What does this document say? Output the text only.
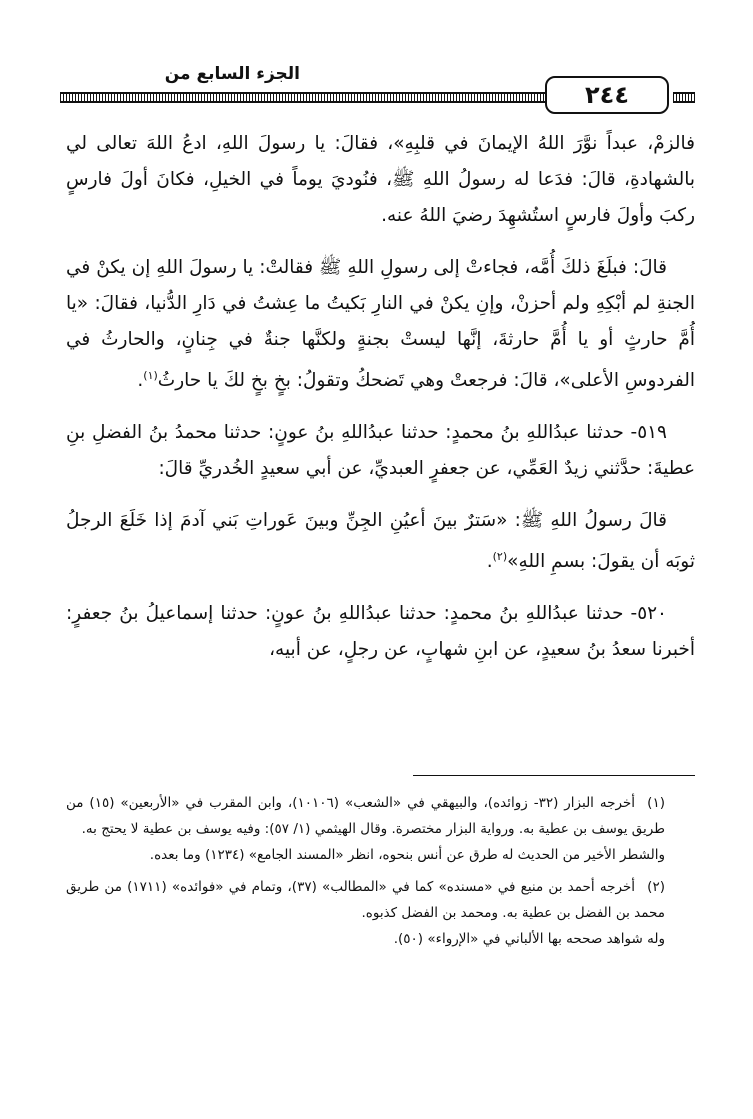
٢٤٤
الجزء السابع من

فالزمْ، عبداً نوَّرَ اللهُ الإيمانَ في قلبِهِ»، فقالَ: يا رسولَ اللهِ، ادعُ اللهَ تعالى لي بالشهادةِ، قالَ: فدَعا له رسولُ اللهِ ﷺ، فنُوديَ يوماً في الخيلِ، فكانَ أولَ فارسٍ ركبَ وأولَ فارسٍ استُشهِدَ رضيَ اللهُ عنه.

قالَ: فبلَغَ ذلكَ أُمَّه، فجاءتْ إلى رسولِ اللهِ ﷺ فقالتْ: يا رسولَ اللهِ إن يكنْ في الجنةِ لم أبْكِهِ ولم أحزنْ، وإنِ يكنْ في النارِ بَكيتُ ما عِشتُ في دَارِ الدُّنيا، فقالَ: «يا أُمَّ حارثٍ أو يا أُمَّ حارثةَ، إنَّها ليستْ بجنةٍ ولكنَّها جنةٌ في جِنانٍ، والحارثُ في الفردوسِ الأعلى»، قالَ: فرجعتْ وهي تَضحكُ وتقولُ: بخٍ بخٍ لكَ يا حارثُ$^{(١)}$.

٥١٩- حدثنا عبدُاللهِ بنُ محمدٍ: حدثنا عبدُاللهِ بنُ عونٍ: حدثنا محمدُ بنُ الفضلِ بنِ عطيةَ: حدَّثني زيدٌ العَمِّي، عن جعفرٍ العبديِّ، عن أبي سعيدٍ الخُدريِّ قالَ:

قالَ رسولُ اللهِ ﷺ: «سَترٌ بينَ أعيُنِ الجِنِّ وبينَ عَوراتِ بَني آدمَ إذا خَلَعَ الرجلُ ثوبَه أن يقولَ: بسمِ اللهِ»$^{(٢)}$.

٥٢٠- حدثنا عبدُاللهِ بنُ محمدٍ: حدثنا عبدُاللهِ بنُ عونٍ: حدثنا إسماعيلُ بنُ جعفرٍ: أخبرنا سعدُ بنُ سعيدٍ، عن ابنِ شهابٍ، عن رجلٍ، عن أبيه،

(١)أخرجه البزار (٣٢- زوائده)، والبيهقي في «الشعب» (١٠١٠٦)، وابن المقرب في «الأربعين» (١٥) من طريق يوسف بن عطية به. ورواية البزار مختصرة. وقال الهيثمي (١/ ٥٧): وفيه يوسف بن عطية لا يحتج به.

والشطر الأخير من الحديث له طرق عن أنس بنحوه، انظر «المسند الجامع» (١٢٣٤) وما بعده.

(٢)أخرجه أحمد بن منيع في «مسنده» كما في «المطالب» (٣٧)، وتمام في «فوائده» (١٧١١) من طريق محمد بن الفضل بن عطية به. ومحمد بن الفضل كذبوه.

وله شواهد صححه بها الألباني في «الإرواء» (٥٠).
